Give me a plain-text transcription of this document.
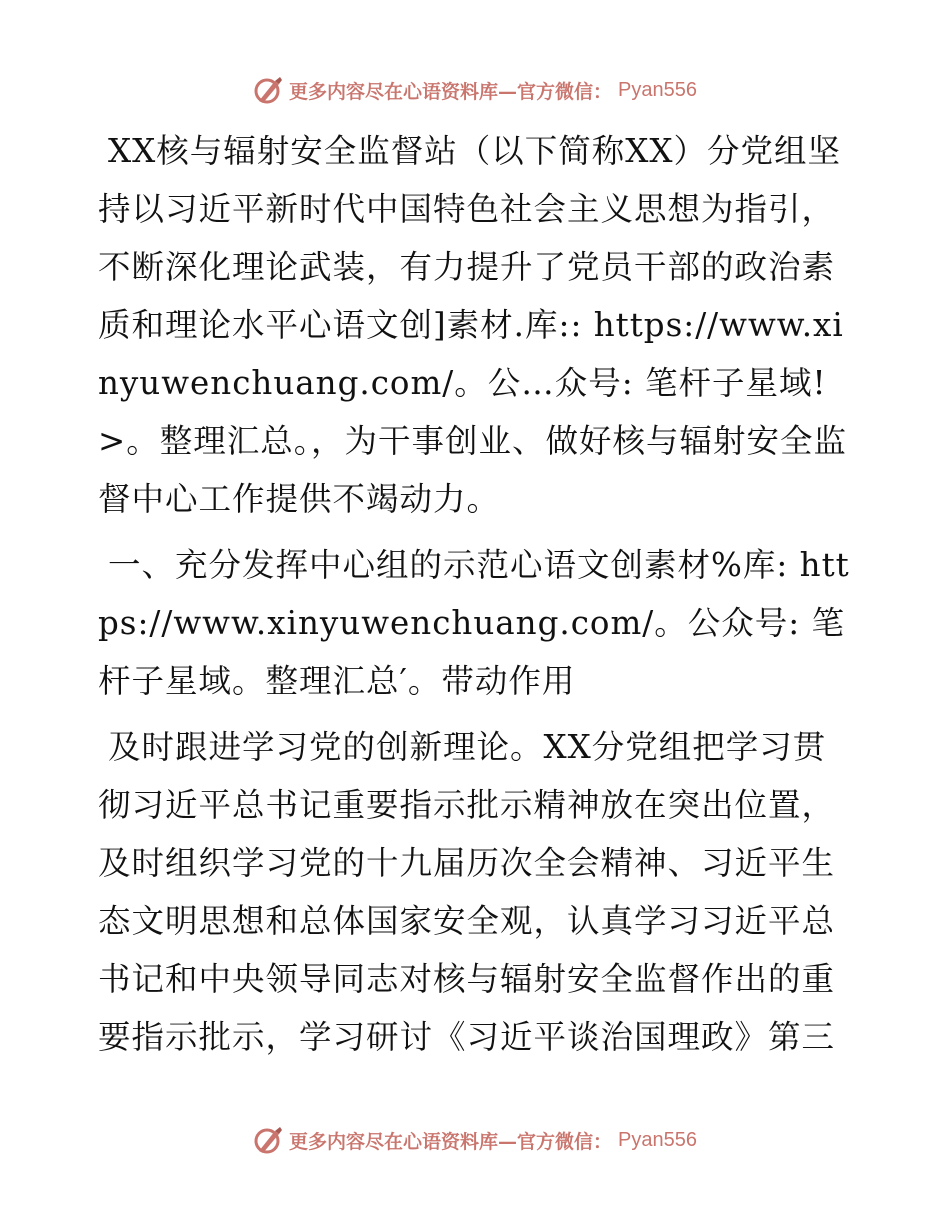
更多内容尽在心语资料库—官方微信： Pyan556

XX核与辐射安全监督站（以下简称XX）分党组坚持以习近平新时代中国特色社会主义思想为指引，不断深化理论武装，有力提升了党员干部的政治素质和理论水平心语文创]素材.库:: https://www.xinyuwenchuang.com/。公…众号: 笔杆子星域! >。整理汇总。，为干事创业、做好核与辐射安全监督中心工作提供不竭动力。

一、充分发挥中心组的示范心语文创素材%库: https://www.xinyuwenchuang.com/。公众号: 笔杆子星域。整理汇总′。带动作用

及时跟进学习党的创新理论。XX分党组把学习贯彻习近平总书记重要指示批示精神放在突出位置，及时组织学习党的十九届历次全会精神、习近平生态文明思想和总体国家安全观，认真学习习近平总书记和中央领导同志对核与辐射安全监督作出的重要指示批示，学习研讨《习近平谈治国理政》第三

更多内容尽在心语资料库—官方微信： Pyan556
